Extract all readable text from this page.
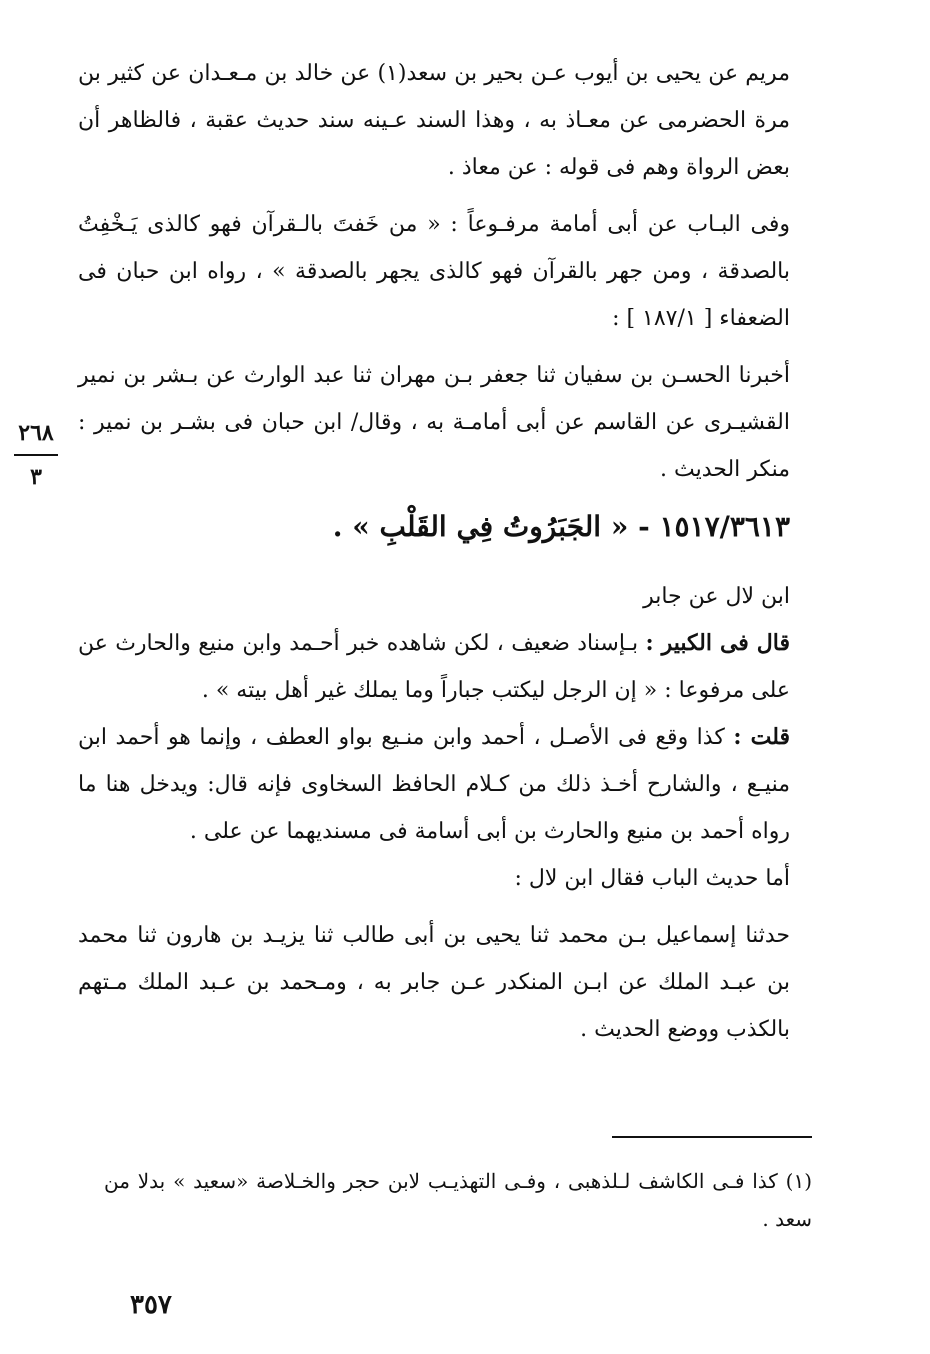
مريم عن يحيى بن أيوب عـن بحير بن سعد(١) عن خالد بن مـعـدان عن كثير بن مرة الحضرمى عن معـاذ به ، وهذا السند عـينه سند حديث عقبة ، فالظاهر أن بعض الرواة وهم فى قوله : عن معاذ .

وفى البـاب عن أبى أمامة مرفـوعاً : « من خَفتَ بالـقرآن فهو كالذى يَـخْفِتُ بالصدقة ، ومن جهر بالقرآن فهو كالذى يجهر بالصدقة » ، رواه ابن حبان فى الضعفاء [ ١٨٧/١ ] :

أخبرنا الحسـن بن سفيان ثنا جعفر بـن مهران ثنا عبد الوارث عن بـشر بن نمير القشيـرى عن القاسم عن أبى أمامـة به ، وقال/ ابن حبان فى بشـر بن نمير : منكر الحديث .

١٥١٧/٣٦١٣ - « الجَبَرُوتُ فِي القَلْبِ » .

ابن لال عن جابر

قال فى الكبير : بـإسناد ضعيف ، لكن شاهده خبر أحـمد وابن منيع والحارث عن على مرفوعا : « إن الرجل ليكتب جباراً وما يملك غير أهل بيته » .

قلت : كذا وقع فى الأصـل ، أحمد وابن منـيع بواو العطف ، وإنما هو أحمد ابن منيـع ، والشارح أخـذ ذلك من كـلام الحافظ السخاوى فإنه قال: ويدخل هنا ما رواه أحمد بن منيع والحارث بن أبى أسامة فى مسنديهما عن على .

أما حديث الباب فقال ابن لال :

حدثنا إسماعيل بـن محمد ثنا يحيى بن أبى طالب ثنا يزيـد بن هارون ثنا محمد بن عبـد الملك عن ابـن المنكدر عـن جابر به ، ومـحمد بن عـبد الملك مـتهم بالكذب ووضع الحديث .

٢٦٨
٣
(١) كذا فـى الكاشف لـلذهبى ، وفـى التهذيـب لابن حجر والخـلاصة «سعيد » بدلا من سعد .
٣٥٧
